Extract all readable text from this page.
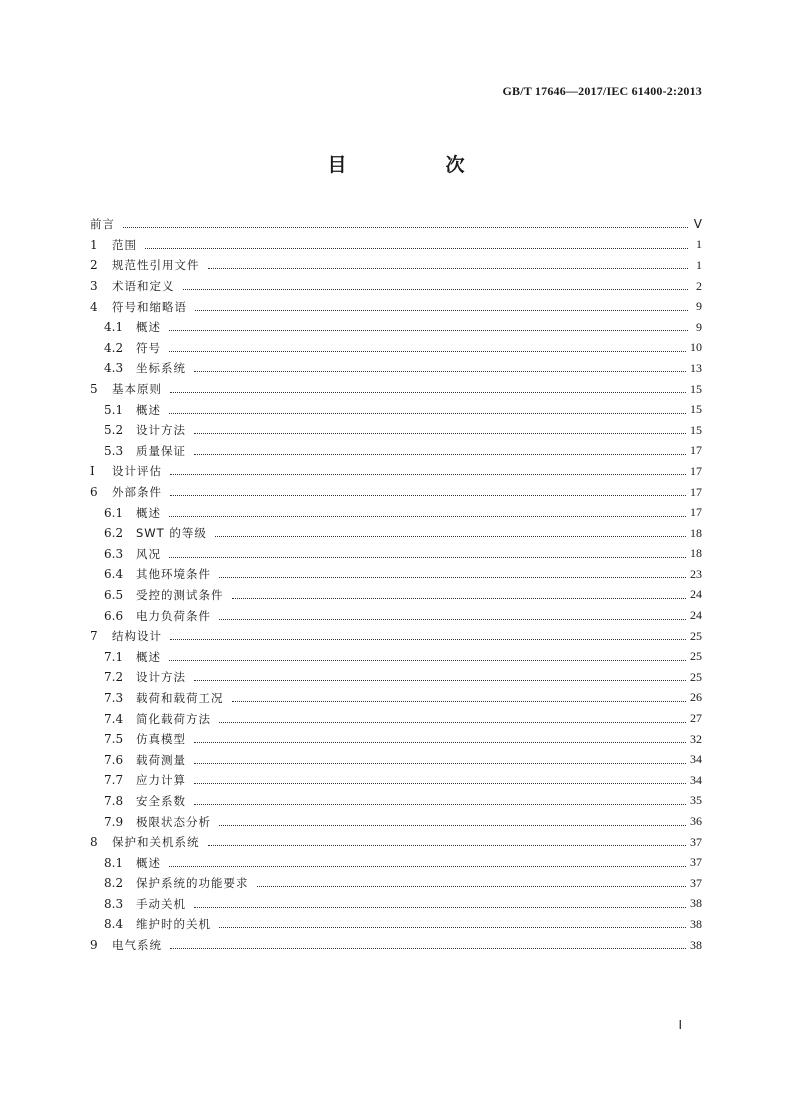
GB/T 17646—2017/IEC 61400-2:2013
目　次
前言	Ⅴ
1	范围	1
2	规范性引用文件	1
3	术语和定义	2
4	符号和缩略语	9
4.1	概述	9
4.2	符号	10
4.3	坐标系统	13
5	基本原则	15
5.1	概述	15
5.2	设计方法	15
5.3	质量保证	17
Ⅰ	设计评估	17
6	外部条件	17
6.1	概述	17
6.2	SWT 的等级	18
6.3	风况	18
6.4	其他环境条件	23
6.5	受控的测试条件	24
6.6	电力负荷条件	24
7	结构设计	25
7.1	概述	25
7.2	设计方法	25
7.3	载荷和载荷工况	26
7.4	简化载荷方法	27
7.5	仿真模型	32
7.6	载荷测量	34
7.7	应力计算	34
7.8	安全系数	35
7.9	极限状态分析	36
8	保护和关机系统	37
8.1	概述	37
8.2	保护系统的功能要求	37
8.3	手动关机	38
8.4	维护时的关机	38
9	电气系统	38
Ⅰ
